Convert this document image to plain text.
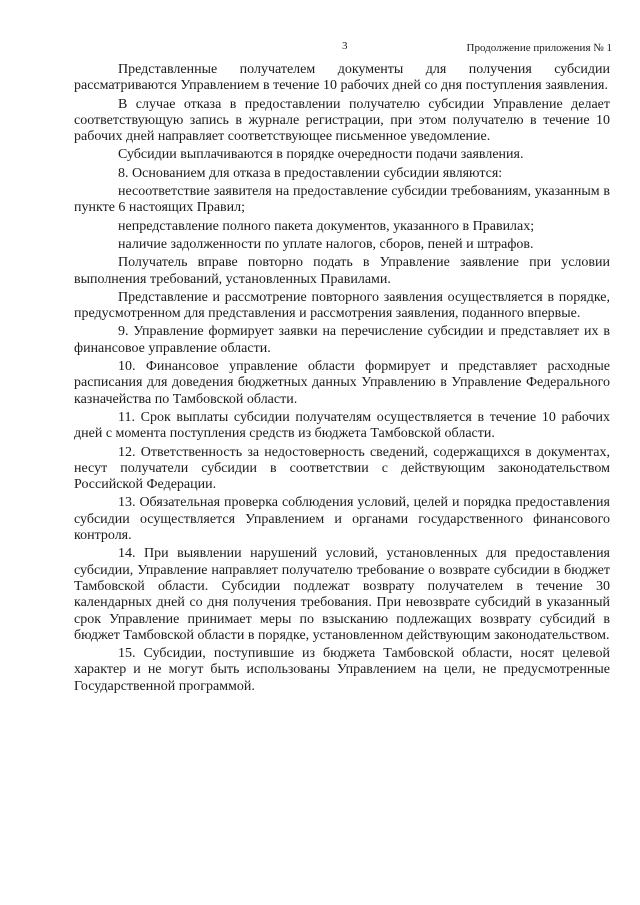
3	Продолжение приложения № 1

Представленные получателем документы для получения субсидии рассматриваются Управлением в течение 10 рабочих дней со дня поступления заявления.

В случае отказа в предоставлении получателю субсидии Управление делает соответствующую запись в журнале регистрации, при этом получателю в течение 10 рабочих дней направляет соответствующее письменное уведомление.

Субсидии выплачиваются в порядке очередности подачи заявления.

8. Основанием для отказа в предоставлении субсидии являются:

несоответствие заявителя на предоставление субсидии требованиям, указанным в пункте 6 настоящих Правил;

непредставление полного пакета документов, указанного в Правилах;

наличие задолженности по уплате налогов, сборов, пеней и штрафов.

Получатель вправе повторно подать в Управление заявление при условии выполнения требований, установленных Правилами.

Представление и рассмотрение повторного заявления осуществляется в порядке, предусмотренном для представления и рассмотрения заявления, поданного впервые.

9. Управление формирует заявки на перечисление субсидии и представляет их в финансовое управление области.

10. Финансовое управление области формирует и представляет расходные расписания для доведения бюджетных данных Управлению в Управление Федерального казначейства по Тамбовской области.

11. Срок выплаты субсидии получателям осуществляется в течение 10 рабочих дней с момента поступления средств из бюджета Тамбовской области.

12. Ответственность за недостоверность сведений, содержащихся в документах, несут получатели субсидии в соответствии с действующим законодательством Российской Федерации.

13. Обязательная проверка соблюдения условий, целей и порядка предоставления субсидии осуществляется Управлением и органами государственного финансового контроля.

14. При выявлении нарушений условий, установленных для предоставления субсидии, Управление направляет получателю требование о возврате субсидии в бюджет Тамбовской области. Субсидии подлежат возврату получателем в течение 30 календарных дней со дня получения требования. При невозврате субсидий в указанный срок Управление принимает меры по взысканию подлежащих возврату субсидий в бюджет Тамбовской области в порядке, установленном действующим законодательством.

15. Субсидии, поступившие из бюджета Тамбовской области, носят целевой характер и не могут быть использованы Управлением на цели, не предусмотренные Государственной программой.
